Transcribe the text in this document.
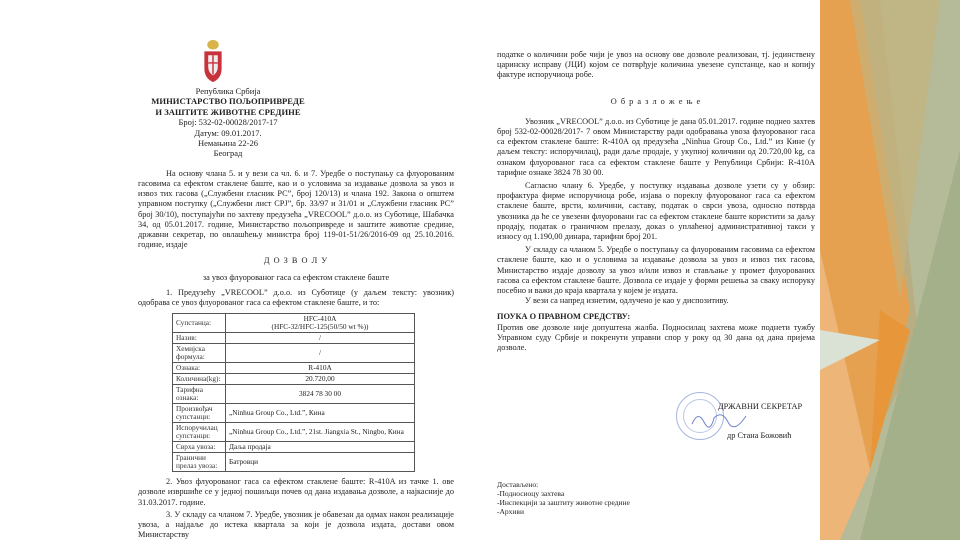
Република Србија
МИНИСТАРСТВО ПОЉОПРИВРЕДЕ
И ЗАШТИТЕ ЖИВОТНЕ СРЕДИНЕ
Број: 532-02-00028/2017-17
Датум: 09.01.2017.
Немањина 22-26
Београд
На основу члана 5. и у вези са чл. 6. и 7. Уредбе о поступању са флуорованим гасовима са ефектом стаклене баште, као и о условима за издавање дозвола за увоз и извоз тих гасова („Службени гласник РС”, број 120/13) и члана 192. Закона о општем управном поступку („Службени лист СРЈ”, бр. 33/97 и 31/01 и „Службени гласник РС” број 30/10), поступајући по захтеву предузећа „VRECOOL” д.о.о. из Суботице, Шабачка 34, од 05.01.2017. године, Министарство пољопривреде и заштите животне средине, државни секретар, по овлашћењу министра број 119-01-51/26/2016-09 од 25.10.2016. године, издаје
Д О З В О Л У
за увоз флуорованог гаса са ефектом стаклене баште
1. Предузећу „VRECOOL” д.о.о. из Суботице (у даљем тексту: увозник) одобрава се увоз флуорованог гаса са ефектом стаклене баште, и то:
Супстанца:	HFC-410A
(HFC-32/HFC-125(50/50 wt %))

Назив:	/
Хемијска формула:	/
Ознака:	R-410A
Количина(kg):	20.720,00
Тарифна ознака:	3824 78 30 00
Произвођач супстанци:	„Ninhua Group Co., Ltd.”, Кина
Испоручилац супстанци:	„Ninhua Group Co., Ltd.”, 21st. Jiangxia St., Ningbo, Кина
Сврха увоза:	Даља продаја
Гранични прелаз увоза:	Батровци
2. Увоз флуорованог гаса са ефектом стаклене баште: R-410A из тачке 1. ове дозволе извршиће се у једној пошиљци почев од дана издавања дозволе, а најкасније до 31.03.2017. године.
3. У складу са чланом 7. Уредбе, увозник је обавезан да одмах након реализације увоза, а најдаље до истека квартала за који је дозвола издата, достави овом Министарству
податке о количини робе чији је увоз на основу ове дозволе реализован, тј. јединствену царинску исправу (ЈЦИ) којом се потврђује количина увезене супстанце, као и копију фактуре испоручиоца робе.
О б р а з л о ж е њ е
Увозник „VRECOOL” д.о.о. из Суботице је дана 05.01.2017. године поднео захтев број 532-02-00028/2017- 7 овом Министарству ради одобравања увоза флуорованог гаса са ефектом стаклене баште: R-410A од предузећа „Ninhua Group Co., Ltd.” из Кине (у даљем тексту: испоручилац), ради даље продаје, у укупној количини од 20.720,00 kg, са ознаком флуорованог гаса са ефектом стаклене баште у Републици Србији: R-410A тарифне ознаке 3824 78 30 00.
Сагласно члану 6. Уредбе, у поступку издавања дозволе узети су у обзир: профактура фирме испоручиоца робе, изјава о пореклу флуорованог гаса са ефектом стаклене баште, врсти, количини, саставу, податак о сврси увоза, односно потврда увозника да ће се увезени флуоровани гас са ефектом стаклене баште користити за даљу продају, податак о граничном прелазу, доказ о уплаћеној административној такси у износу од 1.190,00 динара, тарифни број 201.
У складу са чланом 5. Уредбе о поступању са флуорованим гасовима са ефектом стаклене баште, као и о условима за издавање дозвола за увоз и извоз тих гасова, Министарство издаје дозволу за увоз и/или извоз и стављање у промет флуорованих гасова са ефектом стаклене баште. Дозвола се издаје у форми решења за сваку испоруку посебно и важи до краја квартала у којем је издата.
У вези са напред изнетим, одлучено је као у диспозитиву.
ПОУКА О ПРАВНОМ СРЕДСТВУ:
Против ове дозволе није допуштена жалба. Подносилац захтева може поднети тужбу Управном суду Србије и покренути управни спор у року од 30 дана од дана пријема дозволе.
ДРЖАВНИ СЕКРЕТАР
др Стана Божовић
Достављено:
-Подносиоцу захтева
-Инспекцији за заштиту животне средине
-Архиви
